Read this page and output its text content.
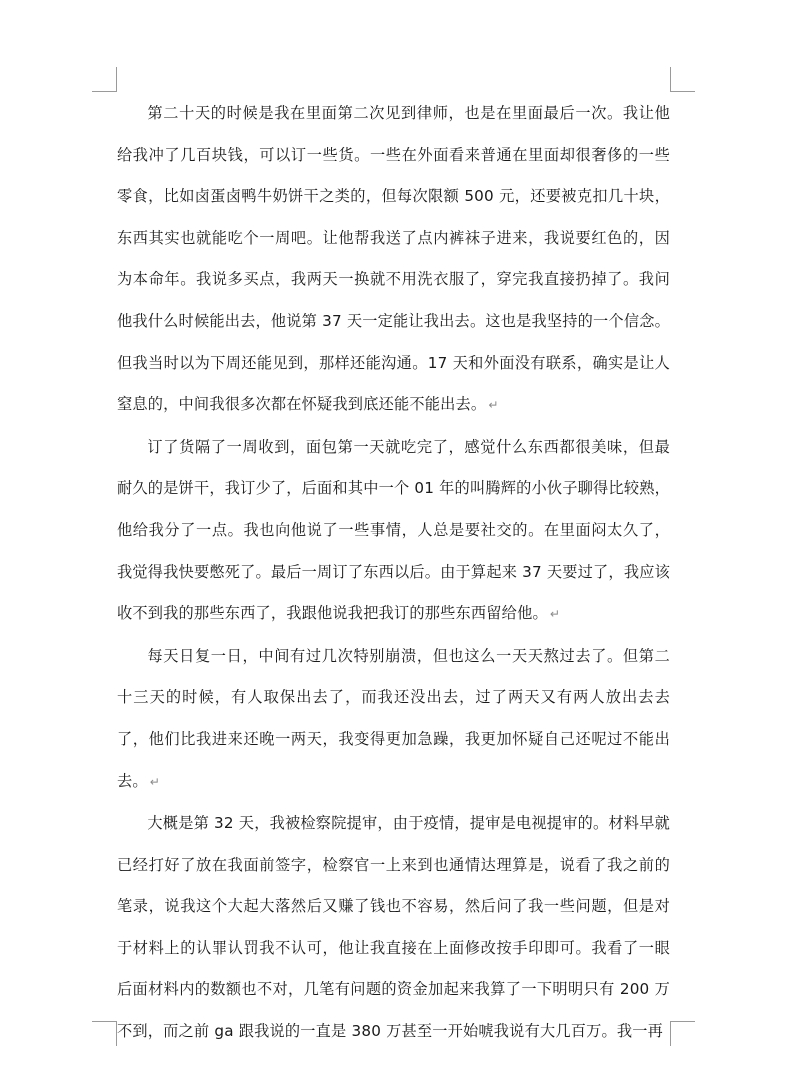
第二十天的时候是我在里面第二次见到律师，也是在里面最后一次。我让他给我冲了几百块钱，可以订一些货。一些在外面看来普通在里面却很奢侈的一些零食，比如卤蛋卤鸭牛奶饼干之类的，但每次限额 500 元，还要被克扣几十块，东西其实也就能吃个一周吧。让他帮我送了点内裤袜子进来，我说要红色的，因为本命年。我说多买点，我两天一换就不用洗衣服了，穿完我直接扔掉了。我问他我什么时候能出去，他说第 37 天一定能让我出去。这也是我坚持的一个信念。但我当时以为下周还能见到，那样还能沟通。17 天和外面没有联系，确实是让人窒息的，中间我很多次都在怀疑我到底还能不能出去。 ↵

订了货隔了一周收到，面包第一天就吃完了，感觉什么东西都很美味，但最耐久的是饼干，我订少了，后面和其中一个 01 年的叫腾辉的小伙子聊得比较熟，他给我分了一点。我也向他说了一些事情，人总是要社交的。在里面闷太久了，我觉得我快要憋死了。最后一周订了东西以后。由于算起来 37 天要过了，我应该收不到我的那些东西了，我跟他说我把我订的那些东西留给他。 ↵

每天日复一日，中间有过几次特别崩溃，但也这么一天天熬过去了。但第二十三天的时候，有人取保出去了，而我还没出去，过了两天又有两人放出去去了，他们比我进来还晚一两天，我变得更加急躁，我更加怀疑自己还呢过不能出去。 ↵

大概是第 32 天，我被检察院提审，由于疫情，提审是电视提审的。材料早就已经打好了放在我面前签字，检察官一上来到也通情达理算是，说看了我之前的笔录，说我这个大起大落然后又赚了钱也不容易，然后问了我一些问题，但是对于材料上的认罪认罚我不认可，他让我直接在上面修改按手印即可。我看了一眼后面材料内的数额也不对，几笔有问题的资金加起来我算了一下明明只有 200 万不到，而之前 ga 跟我说的一直是 380 万甚至一开始唬我说有大几百万。我一再
